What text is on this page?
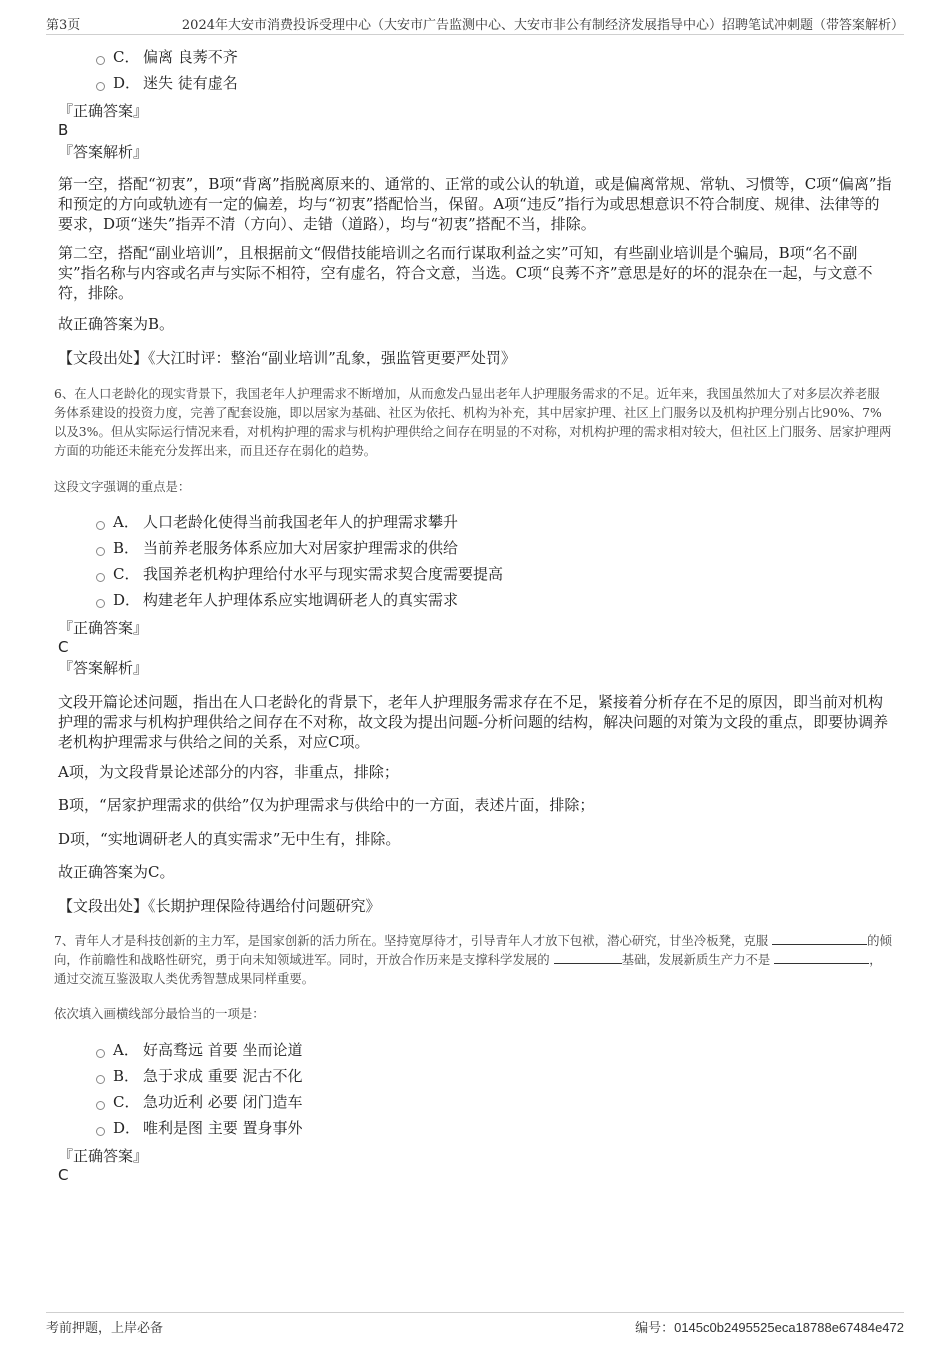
第3页	2024年大安市消费投诉受理中心（大安市广告监测中心、大安市非公有制经济发展指导中心）招聘笔试冲刺题（带答案解析）
C． 偏离 良莠不齐
D． 迷失 徒有虚名
『正确答案』
B
『答案解析』
第一空，搭配“初衷”，B项“背离”指脱离原来的、通常的、正常的或公认的轨道，或是偏离常规、常轨、习惯等，C项“偏离”指和预定的方向或轨迹有一定的偏差，均与“初衷”搭配恰当，保留。A项“违反”指行为或思想意识不符合制度、规律、法律等的要求，D项“迷失”指弄不清（方向）、走错（道路），均与“初衷”搭配不当，排除。
第二空，搭配“副业培训”，且根据前文“假借技能培训之名而行谋取利益之实”可知，有些副业培训是个骗局，B项“名不副实”指名称与内容或名声与实际不相符，空有虚名，符合文意，当选。C项“良莠不齐”意思是好的坏的混杂在一起，与文意不符，排除。
故正确答案为B。
【文段出处】《大江时评：整治“副业培训”乱象，强监管更要严处罚》
6、在人口老龄化的现实背景下，我国老年人护理需求不断增加，从而愈发凸显出老年人护理服务需求的不足。近年来，我国虽然加大了对多层次养老服务体系建设的投资力度，完善了配套设施，即以居家为基础、社区为依托、机构为补充，其中居家护理、社区上门服务以及机构护理分别占比90%、7%以及3%。但从实际运行情况来看，对机构护理的需求与机构护理供给之间存在明显的不对称，对机构护理的需求相对较大，但社区上门服务、居家护理两方面的功能还未能充分发挥出来，而且还存在弱化的趋势。
这段文字强调的重点是：
A． 人口老龄化使得当前我国老年人的护理需求攀升
B． 当前养老服务体系应加大对居家护理需求的供给
C． 我国养老机构护理给付水平与现实需求契合度需要提高
D． 构建老年人护理体系应实地调研老人的真实需求
『正确答案』
C
『答案解析』
文段开篇论述问题，指出在人口老龄化的背景下，老年人护理服务需求存在不足，紧接着分析存在不足的原因，即当前对机构护理的需求与机构护理供给之间存在不对称，故文段为提出问题-分析问题的结构，解决问题的对策为文段的重点，即要协调养老机构护理需求与供给之间的关系，对应C项。
A项，为文段背景论述部分的内容，非重点，排除；
B项，“居家护理需求的供给”仅为护理需求与供给中的一方面，表述片面，排除；
D项，“实地调研老人的真实需求”无中生有，排除。
故正确答案为C。
【文段出处】《长期护理保险待遇给付问题研究》
7、青年人才是科技创新的主力军，是国家创新的活力所在。坚持宽厚待才，引导青年人才放下包袱，潜心研究，甘坐冷板凳，克服	的倾向，作前瞻性和战略性研究，勇于向未知领域进军。同时，开放合作历来是支撑科学发展的	基础，发展新质生产力不是	，通过交流互鉴汲取人类优秀智慧成果同样重要。
依次填入画横线部分最恰当的一项是：
A． 好高骛远 首要 坐而论道
B． 急于求成 重要 泥古不化
C． 急功近利 必要 闭门造车
D． 唯利是图 主要 置身事外
『正确答案』
C
考前押题，上岸必备	编号：0145c0b2495525eca18788e67484e472
